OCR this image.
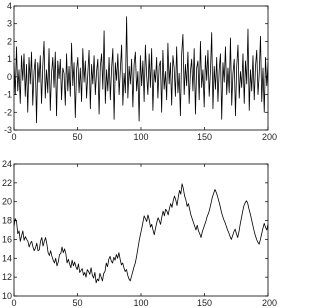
-3
-2
-1
0
1
2
3
4
0	50	100	150	200
10
12
14
16
18
20
22
24
0	50	100	150	200
